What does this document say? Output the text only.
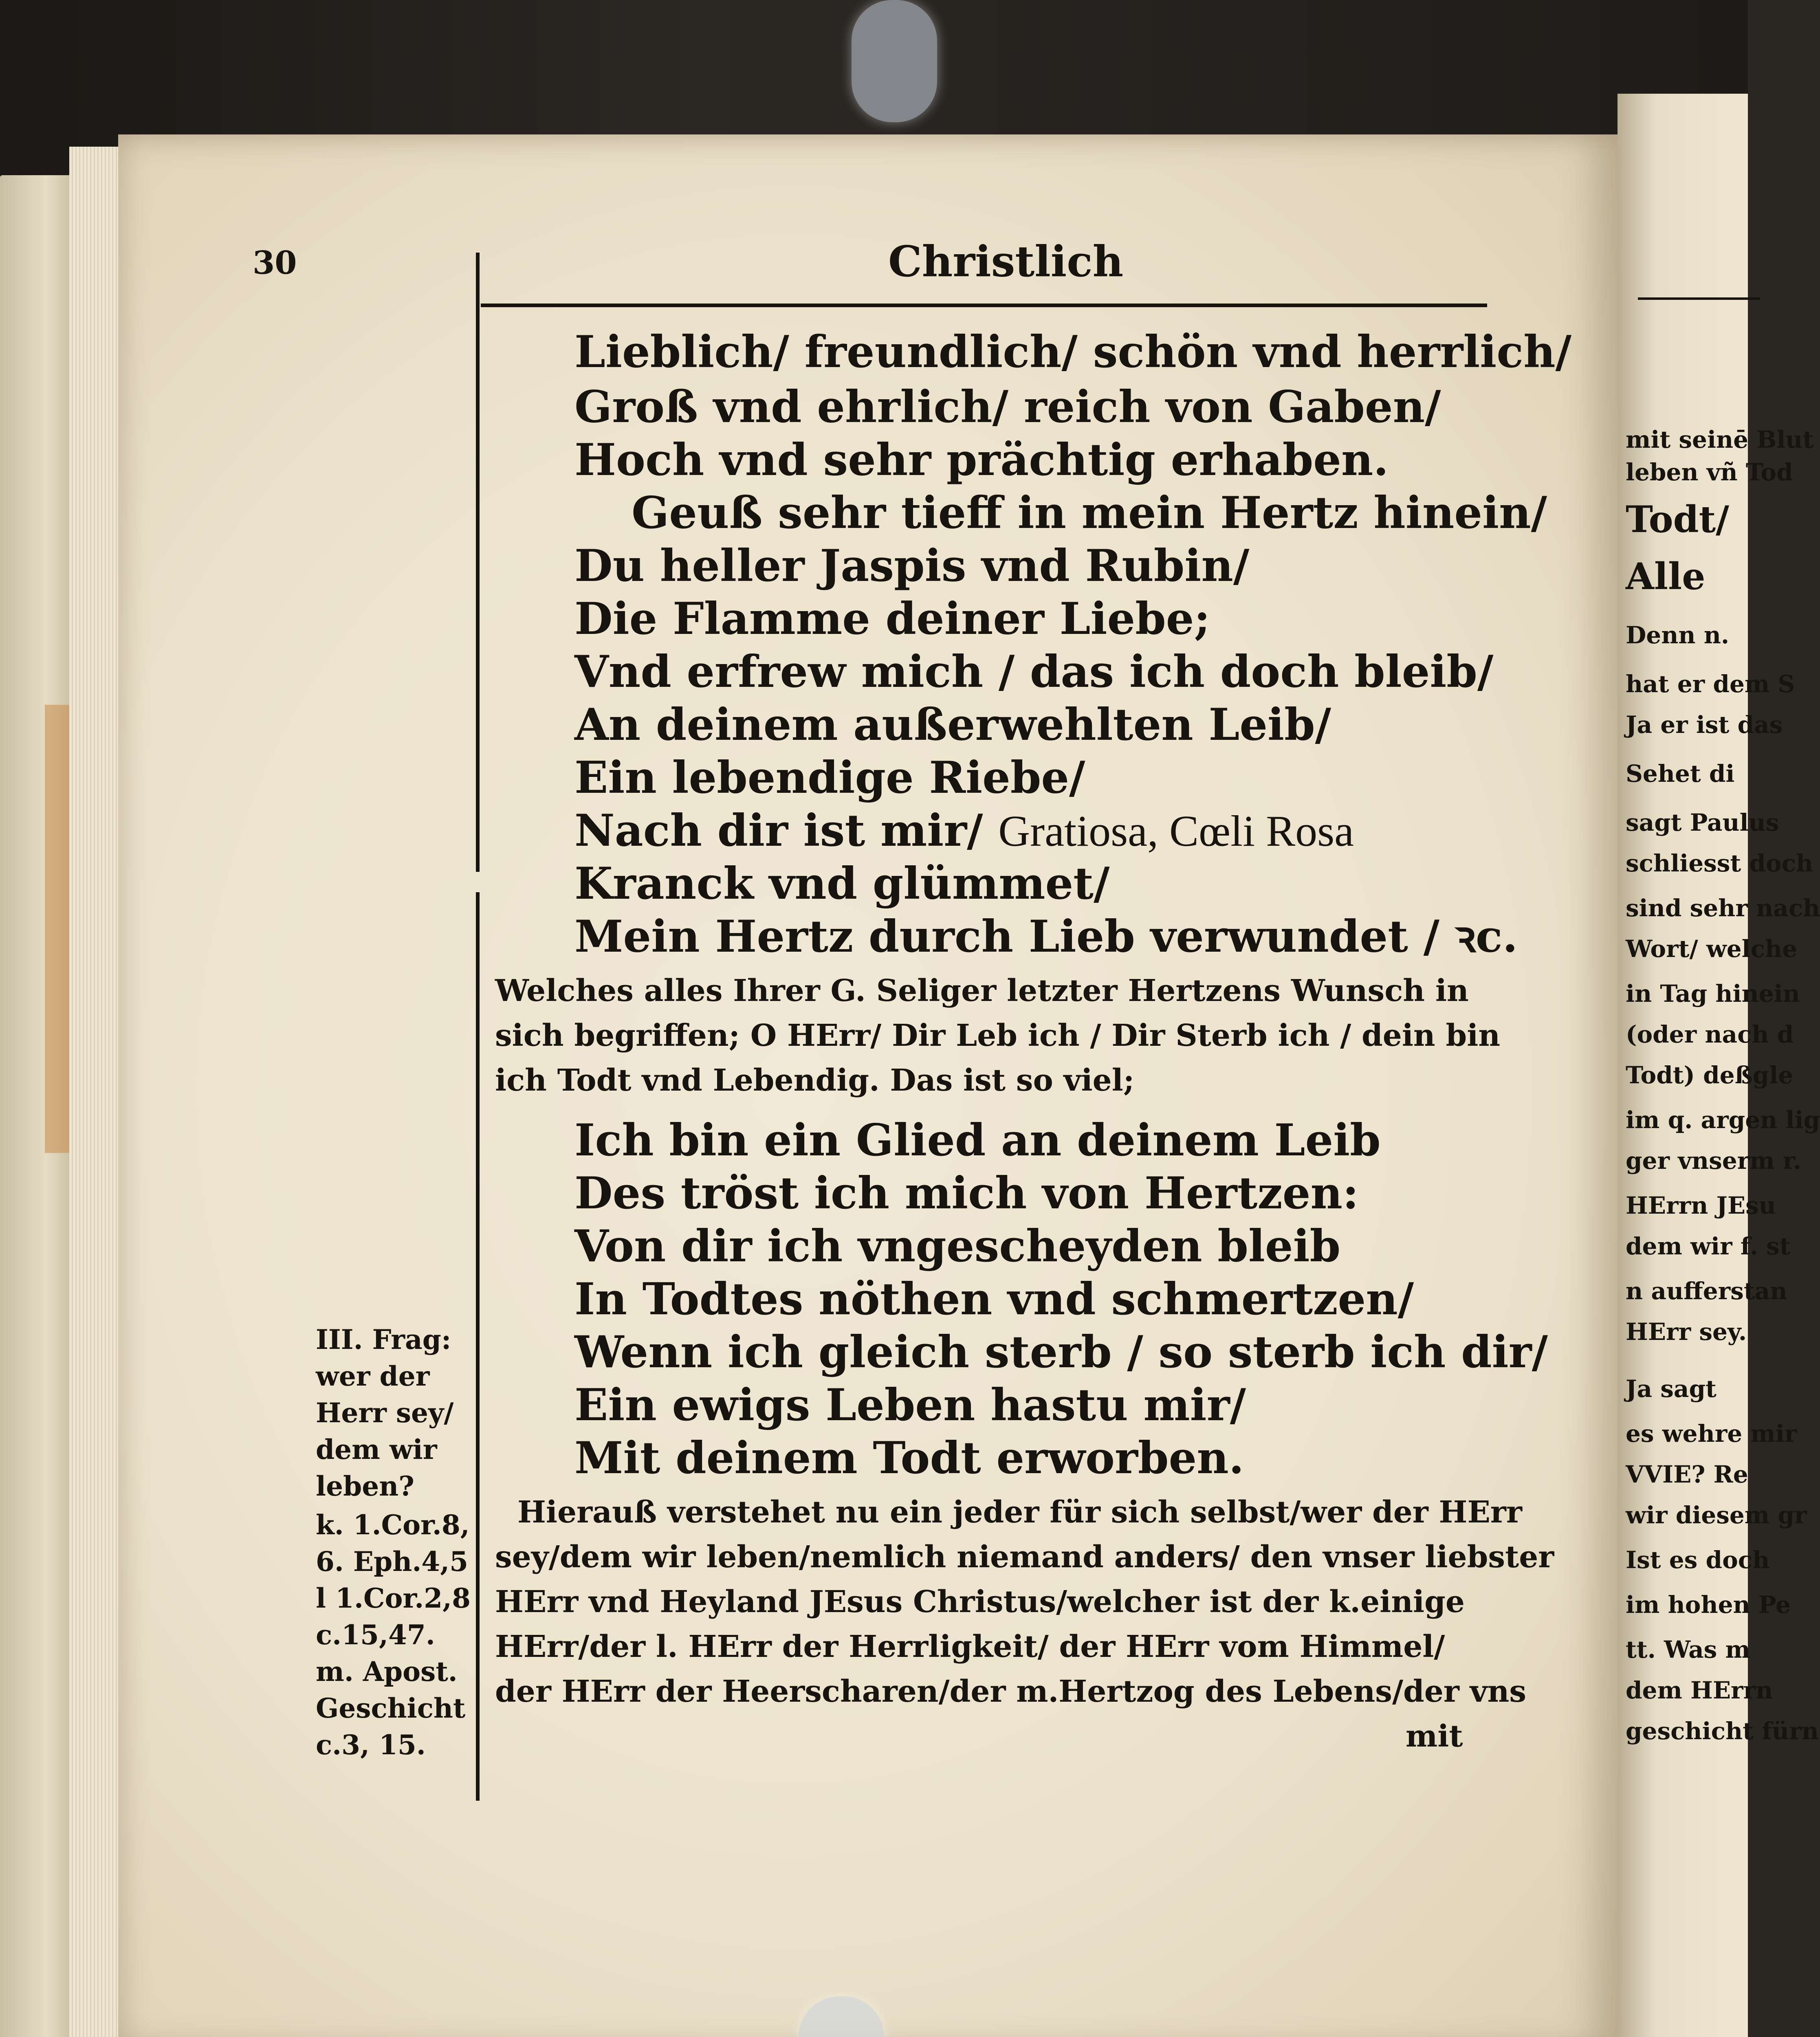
mit seinē Blut
leben vñ Tod
Todt/
Alle
Denn n.
hat er dem S
Ja er ist das
Sehet di
sagt Paulus
schliesst doch
sind sehr nach
Wort/ welche
in Tag hinein
(oder nach d
Todt) deßgle
im q. argen lig
ger vnserm r.
HErrn JEsu
dem wir f. st
n aufferstan
HErr sey.
Ja sagt
es wehre mir
VVIE? Re
wir diesem gr
Ist es doch
im hohen Pe
tt. Was m
dem HErrn
geschicht fürn
30	Christlich
Lieblich/ freundlich/ schön vnd herrlich/
Groß vnd ehrlich/ reich von Gaben/
Hoch vnd sehr prächtig erhaben.
Geuß sehr tieff in mein Hertz hinein/
Du heller Jaspis vnd Rubin/
Die Flamme deiner Liebe;
Vnd erfrew mich / das ich doch bleib/
An deinem außerwehlten Leib/
Ein lebendige Riebe/
Nach dir ist mir/ Gratiosa, Cœli Rosa
Kranck vnd glümmet/
Mein Hertz durch Lieb verwundet / ꝛc.
Welches alles Ihrer G. Seliger letzter Hertzens Wunsch in
sich begriffen; O HErr/ Dir Leb ich / Dir Sterb ich / dein bin
ich Todt vnd Lebendig. Das ist so viel;
Ich bin ein Glied an deinem Leib
Des tröst ich mich von Hertzen:
Von dir ich vngescheyden bleib
In Todtes nöthen vnd schmertzen/
Wenn ich gleich sterb / so sterb ich dir/
Ein ewigs Leben hastu mir/
Mit deinem Todt erworben.
Hierauß verstehet nu ein jeder für sich selbst/wer der HErr
sey/dem wir leben/nemlich niemand anders/ den vnser liebster
HErr vnd Heyland JEsus Christus/welcher ist der k.einige
HErr/der l. HErr der Herrligkeit/ der HErr vom Himmel/
der HErr der Heerscharen/der m.Hertzog des Lebens/der vns
mit
III. Frag:
wer der
Herr sey/
dem wir
leben?
k. 1.Cor.8,
6. Eph.4,5
l 1.Cor.2,8
c.15,47.
m. Apost.
Geschicht
c.3, 15.
